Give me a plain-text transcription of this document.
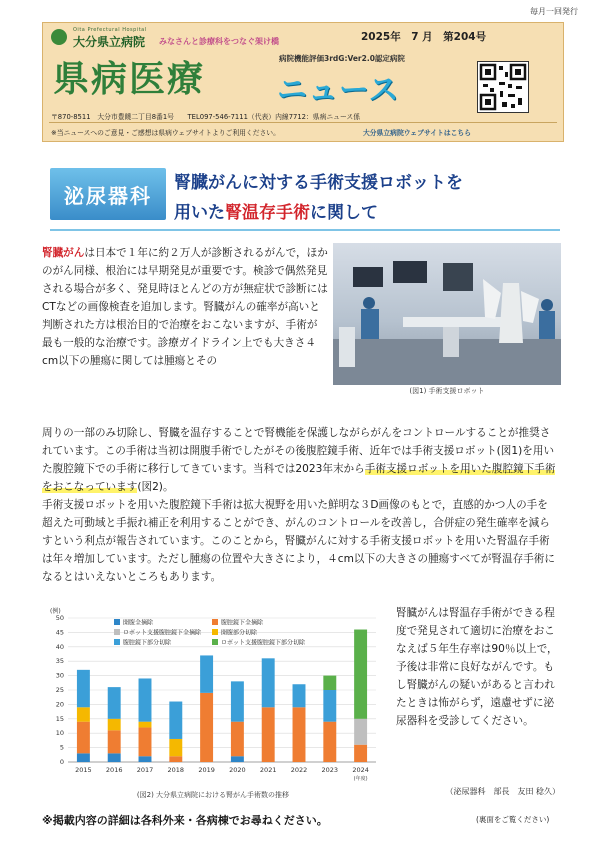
毎月一回発行
Oita Prefectural Hospital
大分県立病院 みなさんと診療科をつなぐ架け橋	2025年　7 月　第204号
県病医療	病院機能評価3rdG:Ver2.0認定病院
ニュース
〒870-8511　大分市豊饒二丁目8番1号　　TEL097-546-7111（代表）内線7712：県病ニュース係
※当ニュースへのご意見・ご感想は県病ウェブサイトよりご利用ください。	大分県立病院ウェブサイトはこちら
泌尿器科
腎臓がんに対する手術支援ロボットを
用いた腎温存手術に関して
腎臓がんは日本で１年に約２万人が診断されるがんで，ほかのがん同様、根治には早期発見が重要です。検診で偶然発見される場合が多く、発見時ほとんどの方が無症状で診断にはCTなどの画像検査を追加します。腎臓がんの確率が高いと判断された方は根治目的で治療をおこないますが、手術が最も一般的な治療です。診療ガイドライン上でも大きさ４cm以下の腫瘍に関しては腫瘍とその
(図1) 手術支援ロボット
周りの一部のみ切除し、腎臓を温存することで腎機能を保護しながらがんをコントロールすることが推奨されています。この手術は当初は開腹手術でしたがその後腹腔鏡手術、近年では手術支援ロボット(図1)を用いた腹腔鏡下での手術に移行してきています。当科では2023年末から手術支援ロボットを用いた腹腔鏡下手術をおこなっています(図2)。
手術支援ロボットを用いた腹腔鏡下手術は拡大視野を用いた鮮明な３D画像のもとで，直感的かつ人の手を超えた可動域と手振れ補正を利用することができ、がんのコントロールを改善し，合併症の発生確率を減らすという利点が報告されています。このことから，腎臓がんに対する手術支援ロボットを用いた腎温存手術は年々増加しています。ただし腫瘍の位置や大きさにより，４cm以下の大きさの腫瘍すべてが腎温存手術になるとはいえないところもあります。
(例)
0
5
10
15
20
25
30
35
40
45
50
2015 2016 2017 2018 2019 2020 2021 2022 2023 2024
(年度)
開腹全摘除	腹腔鏡下全摘除
ロボット支援腹腔鏡下全摘除	開腹部分切除
腹腔鏡下部分切除	ロボット支援腹腔鏡下部分切除
(図2) 大分県立病院における腎がん手術数の推移
腎臓がんは腎温存手術ができる程度で発見されて適切に治療をおこなえば５年生存率は90％以上で，予後は非常に良好ながんです。もし腎臓がんの疑いがあると言われたときは怖がらず，遠慮せずに泌尿器科を受診してください。
（泌尿器科　部長　友田 稔久）
※掲載内容の詳細は各科外来・各病棟でお尋ねください。	(裏面をご覧ください)
